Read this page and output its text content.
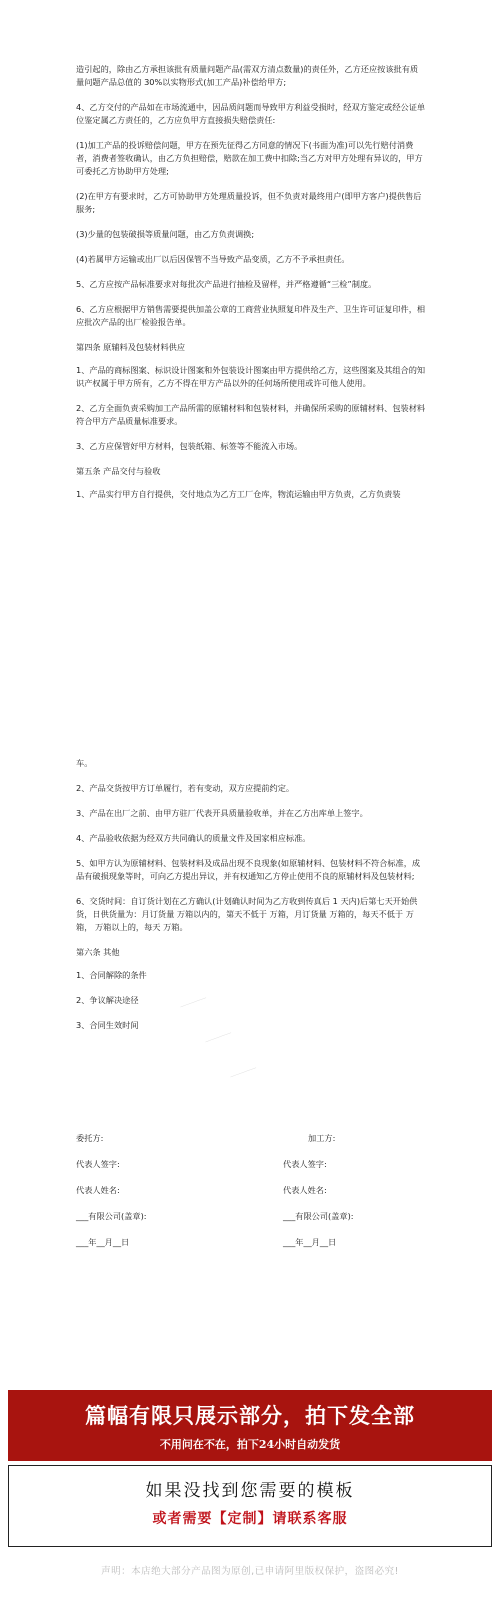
造引起的，除由乙方承担该批有质量问题产品(需双方清点数量)的责任外，乙方还应按该批有质量问题产品总值的 30%以实物形式(加工产品)补偿给甲方;

4、乙方交付的产品如在市场流通中，因品质问题而导致甲方利益受损时，经双方鉴定或经公证单位鉴定属乙方责任的，乙方应负甲方直接损失赔偿责任:

(1)加工产品的投诉赔偿问题，甲方在预先征得乙方同意的情况下(书面为准)可以先行赔付消费者，消费者签收确认，由乙方负担赔偿，赔款在加工费中扣除;当乙方对甲方处理有异议的，甲方可委托乙方协助甲方处理;

(2)在甲方有要求时，乙方可协助甲方处理质量投诉，但不负责对最终用户(即甲方客户)提供售后服务;

(3)少量的包装破损等质量问题，由乙方负责调换;

(4)若属甲方运输或出厂以后因保管不当导致产品变质，乙方不予承担责任。

5、乙方应按产品标准要求对每批次产品进行抽检及留样，并严格遵循“三检”制度。

6、乙方应根据甲方销售需要提供加盖公章的工商营业执照复印件及生产、卫生许可证复印件，相应批次产品的出厂检验报告单。

第四条 原辅料及包装材料供应

1、产品的商标图案、标识设计图案和外包装设计图案由甲方提供给乙方，这些图案及其组合的知识产权属于甲方所有，乙方不得在甲方产品以外的任何场所使用或许可他人使用。

2、乙方全面负责采购加工产品所需的原辅材料和包装材料，并确保所采购的原辅材料、包装材料符合甲方产品质量标准要求。

3、乙方应保管好甲方材料，包装纸箱、标签等不能流入市场。

第五条 产品交付与验收

1、产品实行甲方自行提供，交付地点为乙方工厂仓库，物流运输由甲方负责，乙方负责装

车。

2、产品交货按甲方订单履行，若有变动，双方应提前约定。

3、产品在出厂之前、由甲方驻厂代表开具质量验收单，并在乙方出库单上签字。

4、产品验收依据为经双方共同确认的质量文件及国家相应标准。

5、如甲方认为原辅材料、包装材料及成品出现不良现象(如原辅材料、包装材料不符合标准，成品有破损现象等时，可向乙方提出异议，并有权通知乙方停止使用不良的原辅材料及包装材料;

6、交货时间：自订货计划在乙方确认(计划确认时间为乙方收到传真后 1 天内)后第七天开始供货，日供货量为：月订货量 万箱以内的，第天不低于 万箱，月订货量 万箱的，每天不低于 万箱， 万箱以上的，每天 万箱。

第六条 其他

1、合同解除的条件

2、争议解决途径

3、合同生效时间

委托方:	加工方:
代表人签字:	代表人签字:
代表人姓名:	代表人姓名:
___有限公司(盖章):	___有限公司(盖章):
___年__月__日	___年__月__日
─────────
─────────
─────────
篇幅有限只展示部分，拍下发全部
不用问在不在，拍下24小时自动发货
如果没找到您需要的模板
或者需要【定制】请联系客服
声明：本店绝大部分产品图为原创,已申请阿里版权保护，盗图必究!
